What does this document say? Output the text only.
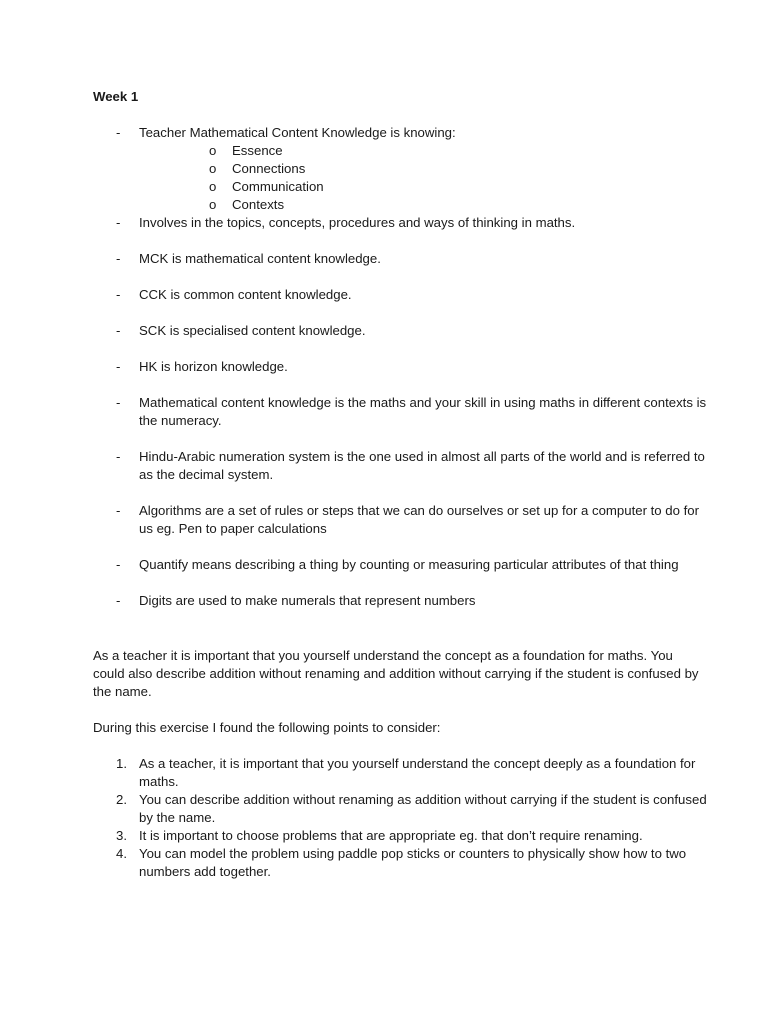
Week 1
- Teacher Mathematical Content Knowledge is knowing:
o Essence
o Connections
o Communication
o Contexts
- Involves in the topics, concepts, procedures and ways of thinking in maths.
- MCK is mathematical content knowledge.
- CCK is common content knowledge.
- SCK is specialised content knowledge.
- HK is horizon knowledge.
- Mathematical content knowledge is the maths and your skill in using maths in different contexts is the numeracy.
- Hindu-Arabic numeration system is the one used in almost all parts of the world and is referred to as the decimal system.
- Algorithms are a set of rules or steps that we can do ourselves or set up for a computer to do for us eg. Pen to paper calculations
- Quantify means describing a thing by counting or measuring particular attributes of that thing
- Digits are used to make numerals that represent numbers

As a teacher it is important that you yourself understand the concept as a foundation for maths. You could also describe addition without renaming and addition without carrying if the student is confused by the name.

During this exercise I found the following points to consider:

1. As a teacher, it is important that you yourself understand the concept deeply as a foundation for maths.
2. You can describe addition without renaming as addition without carrying if the student is confused by the name.
3. It is important to choose problems that are appropriate eg. that don’t require renaming.
4. You can model the problem using paddle pop sticks or counters to physically show how to two numbers add together.
